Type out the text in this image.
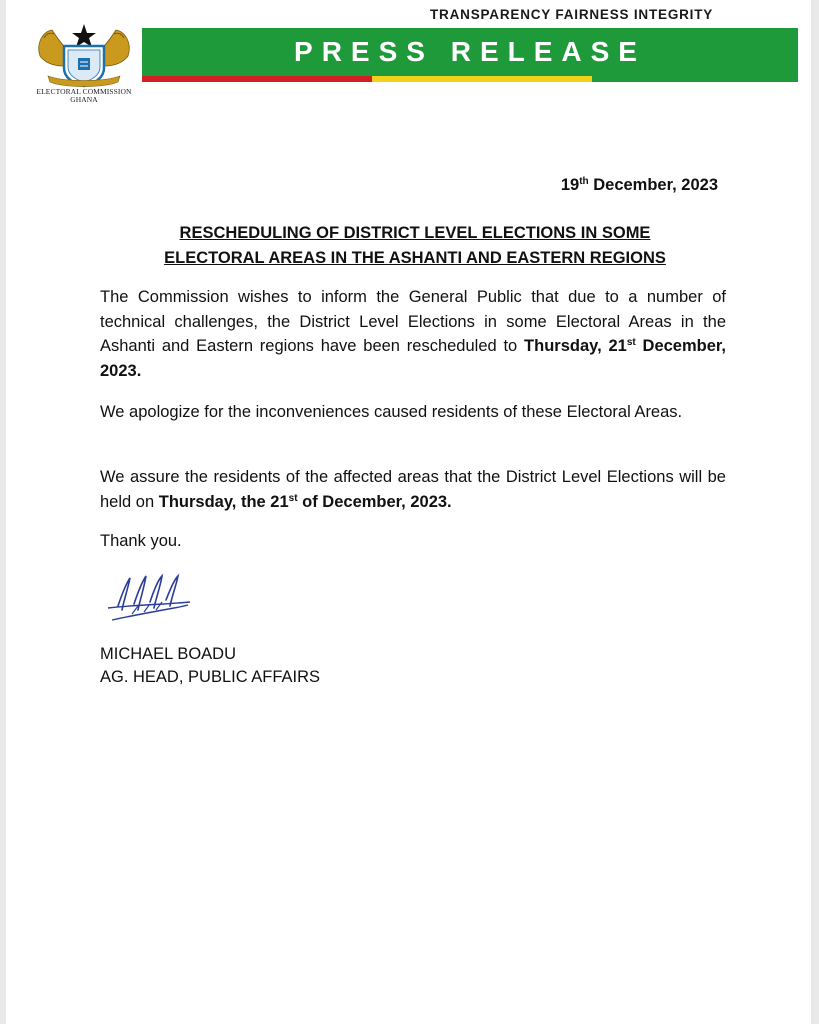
ELECTORAL COMMISSION
GHANA
TRANSPARENCY FAIRNESS INTEGRITY
PRESS RELEASE
19th December, 2023
RESCHEDULING OF DISTRICT LEVEL ELECTIONS IN SOME
ELECTORAL AREAS IN THE ASHANTI AND EASTERN REGIONS
The Commission wishes to inform the General Public that due to a number of technical challenges, the District Level Elections in some Electoral Areas in the Ashanti and Eastern regions have been rescheduled to Thursday, 21st December, 2023.
We apologize for the inconveniences caused residents of these Electoral Areas.
We assure the residents of the affected areas that the District Level Elections will be held on Thursday, the 21st of December, 2023.
Thank you.
MICHAEL BOADU
AG. HEAD, PUBLIC AFFAIRS
